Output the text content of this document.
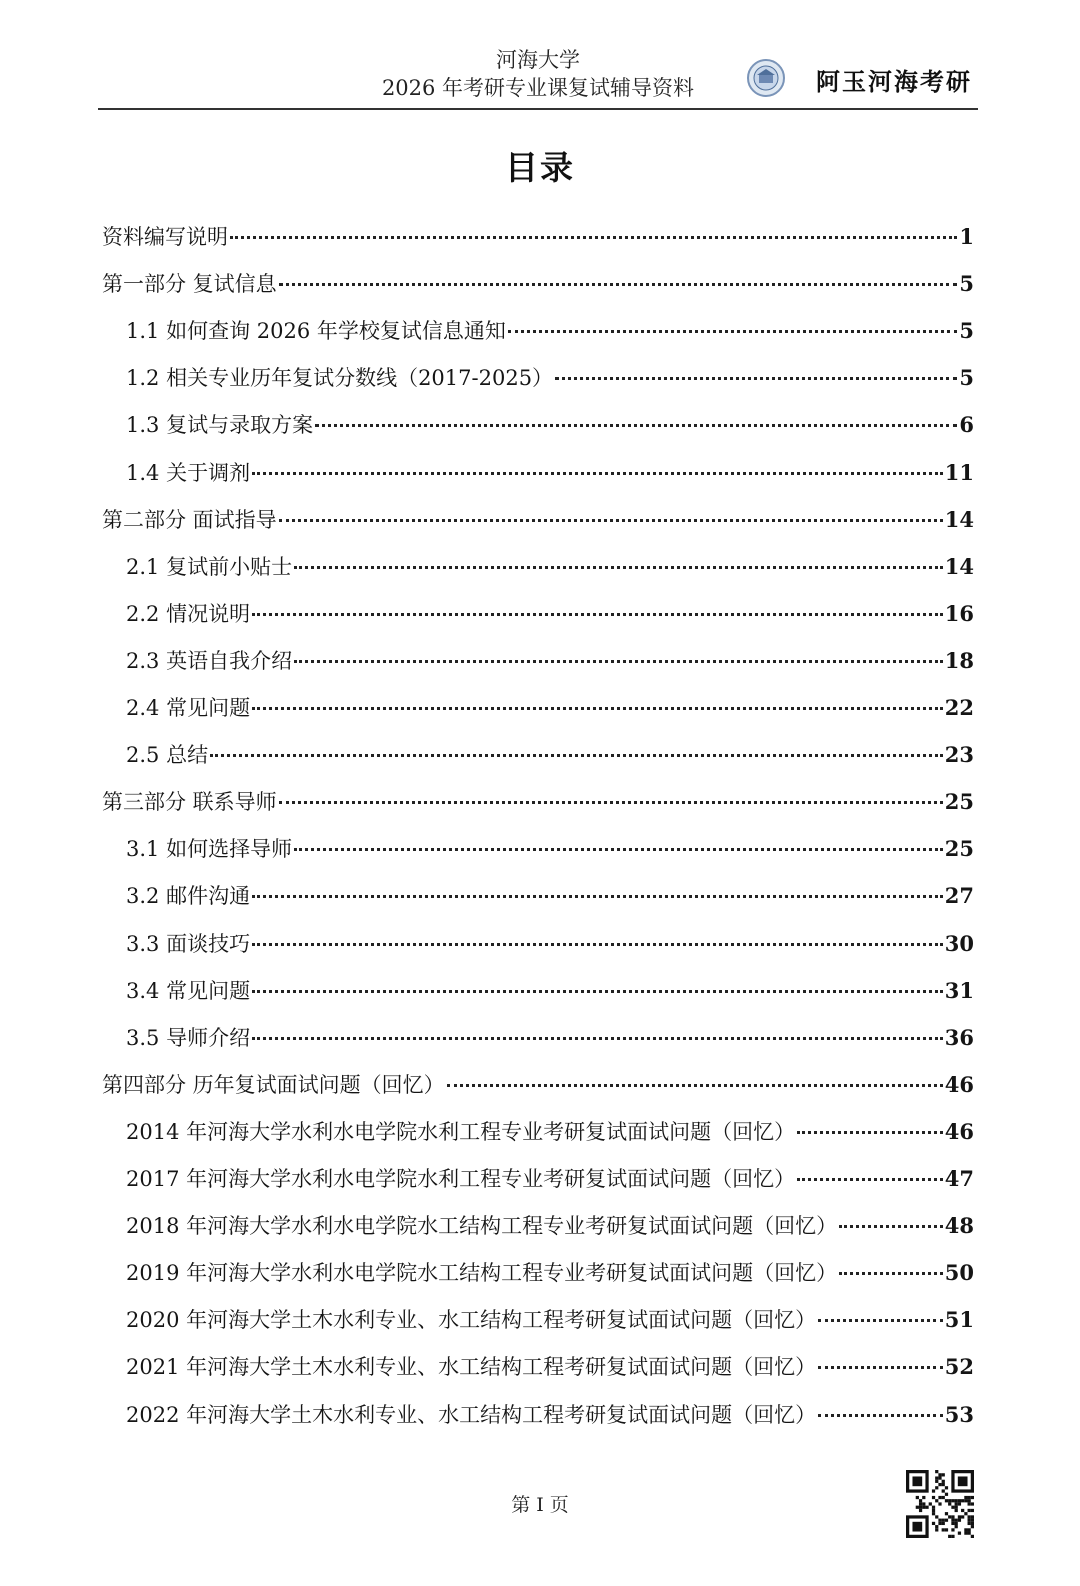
河海大学
2026 年考研专业课复试辅导资料	阿玉河海考研
目录
资料编写说明	1
第一部分 复试信息	5
1.1 如何查询 2026 年学校复试信息通知	5
1.2 相关专业历年复试分数线（2017-2025）	5
1.3 复试与录取方案	6
1.4 关于调剂	11
第二部分 面试指导	14
2.1 复试前小贴士	14
2.2 情况说明	16
2.3 英语自我介绍	18
2.4 常见问题	22
2.5 总结	23
第三部分 联系导师	25
3.1 如何选择导师	25
3.2 邮件沟通	27
3.3 面谈技巧	30
3.4 常见问题	31
3.5 导师介绍	36
第四部分 历年复试面试问题（回忆）	46
2014 年河海大学水利水电学院水利工程专业考研复试面试问题（回忆）	46
2017 年河海大学水利水电学院水利工程专业考研复试面试问题（回忆）	47
2018 年河海大学水利水电学院水工结构工程专业考研复试面试问题（回忆）	48
2019 年河海大学水利水电学院水工结构工程专业考研复试面试问题（回忆）	50
2020 年河海大学土木水利专业、水工结构工程考研复试面试问题（回忆）	51
2021 年河海大学土木水利专业、水工结构工程考研复试面试问题（回忆）	52
2022 年河海大学土木水利专业、水工结构工程考研复试面试问题（回忆）	53
第 I 页
